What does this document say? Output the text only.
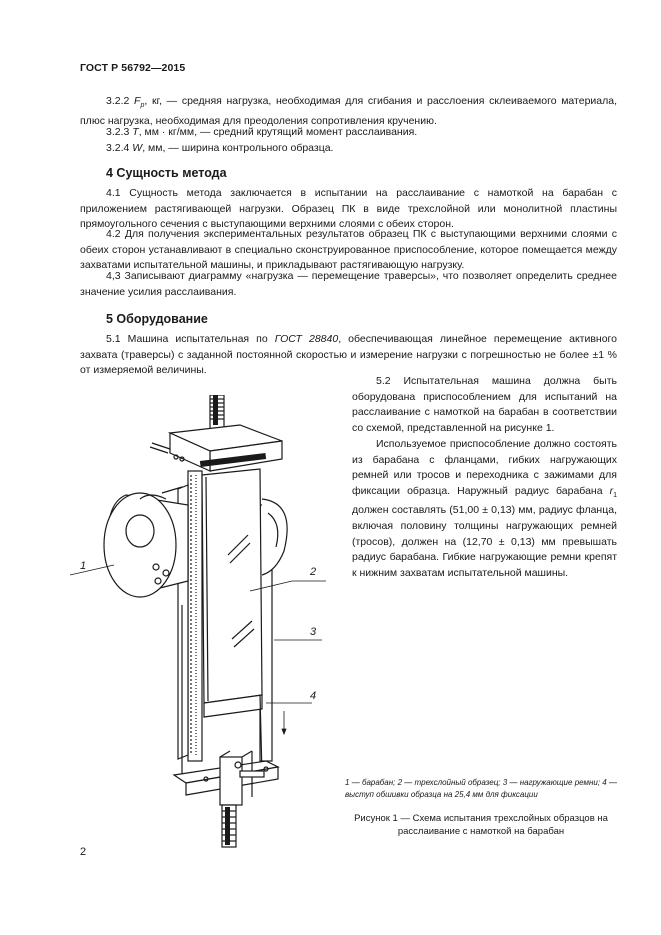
ГОСТ Р 56792—2015
3.2.2 $F_p$, кг, — средняя нагрузка, необходимая для сгибания и расслоения склеиваемого материала, плюс нагрузка, необходимая для преодоления сопротивления кручению.
3.2.3 T, мм · кг/мм, — средний крутящий момент расслаивания.
3.2.4 W, мм, — ширина контрольного образца.
4 Сущность метода
4.1 Сущность метода заключается в испытании на расслаивание с намоткой на барабан с приложением растягивающей нагрузки. Образец ПК в виде трехслойной или монолитной пластины прямоугольного сечения с выступающими верхними слоями с обеих сторон.
4.2 Для получения экспериментальных результатов образец ПК с выступающими верхними слоями с обеих сторон устанавливают в специально сконструированное приспособление, которое помещается между захватами испытательной машины, и прикладывают растягивающую нагрузку.
4,3 Записывают диаграмму «нагрузка — перемещение траверсы», что позволяет определить среднее значение усилия расслаивания.
5 Оборудование
5.1 Машина испытательная по ГОСТ 28840, обеспечивающая линейное перемещение активного захвата (траверсы) с заданной постоянной скоростью и измерение нагрузки с погрешностью не более ±1 % от измеряемой величины.
5.2 Испытательная машина должна быть оборудована приспособлением для испытаний на расслаивание с намоткой на барабан в соответствии со схемой, представленной на рисунке 1.
Используемое приспособление должно состоять из барабана с фланцами, гибких нагружающих ремней или тросов и переходника с зажимами для фиксации образца. Наружный радиус барабана $r_1$ должен составлять (51,00 ± 0,13) мм, радиус фланца, включая половину толщины нагружающих ремней (тросов), должен на (12,70 ± 0,13) мм превышать радиус барабана. Гибкие нагружающие ремни крепят к нижним захватам испытательной машины.
1	2
3
4
1 — барабан; 2 — трехслойный образец; 3 — нагружающие ремни; 4 — выступ обшивки образца на 25,4 мм для фиксации
Рисунок 1 — Схема испытания трехслойных образцов на расслаивание с намоткой на барабан
2
